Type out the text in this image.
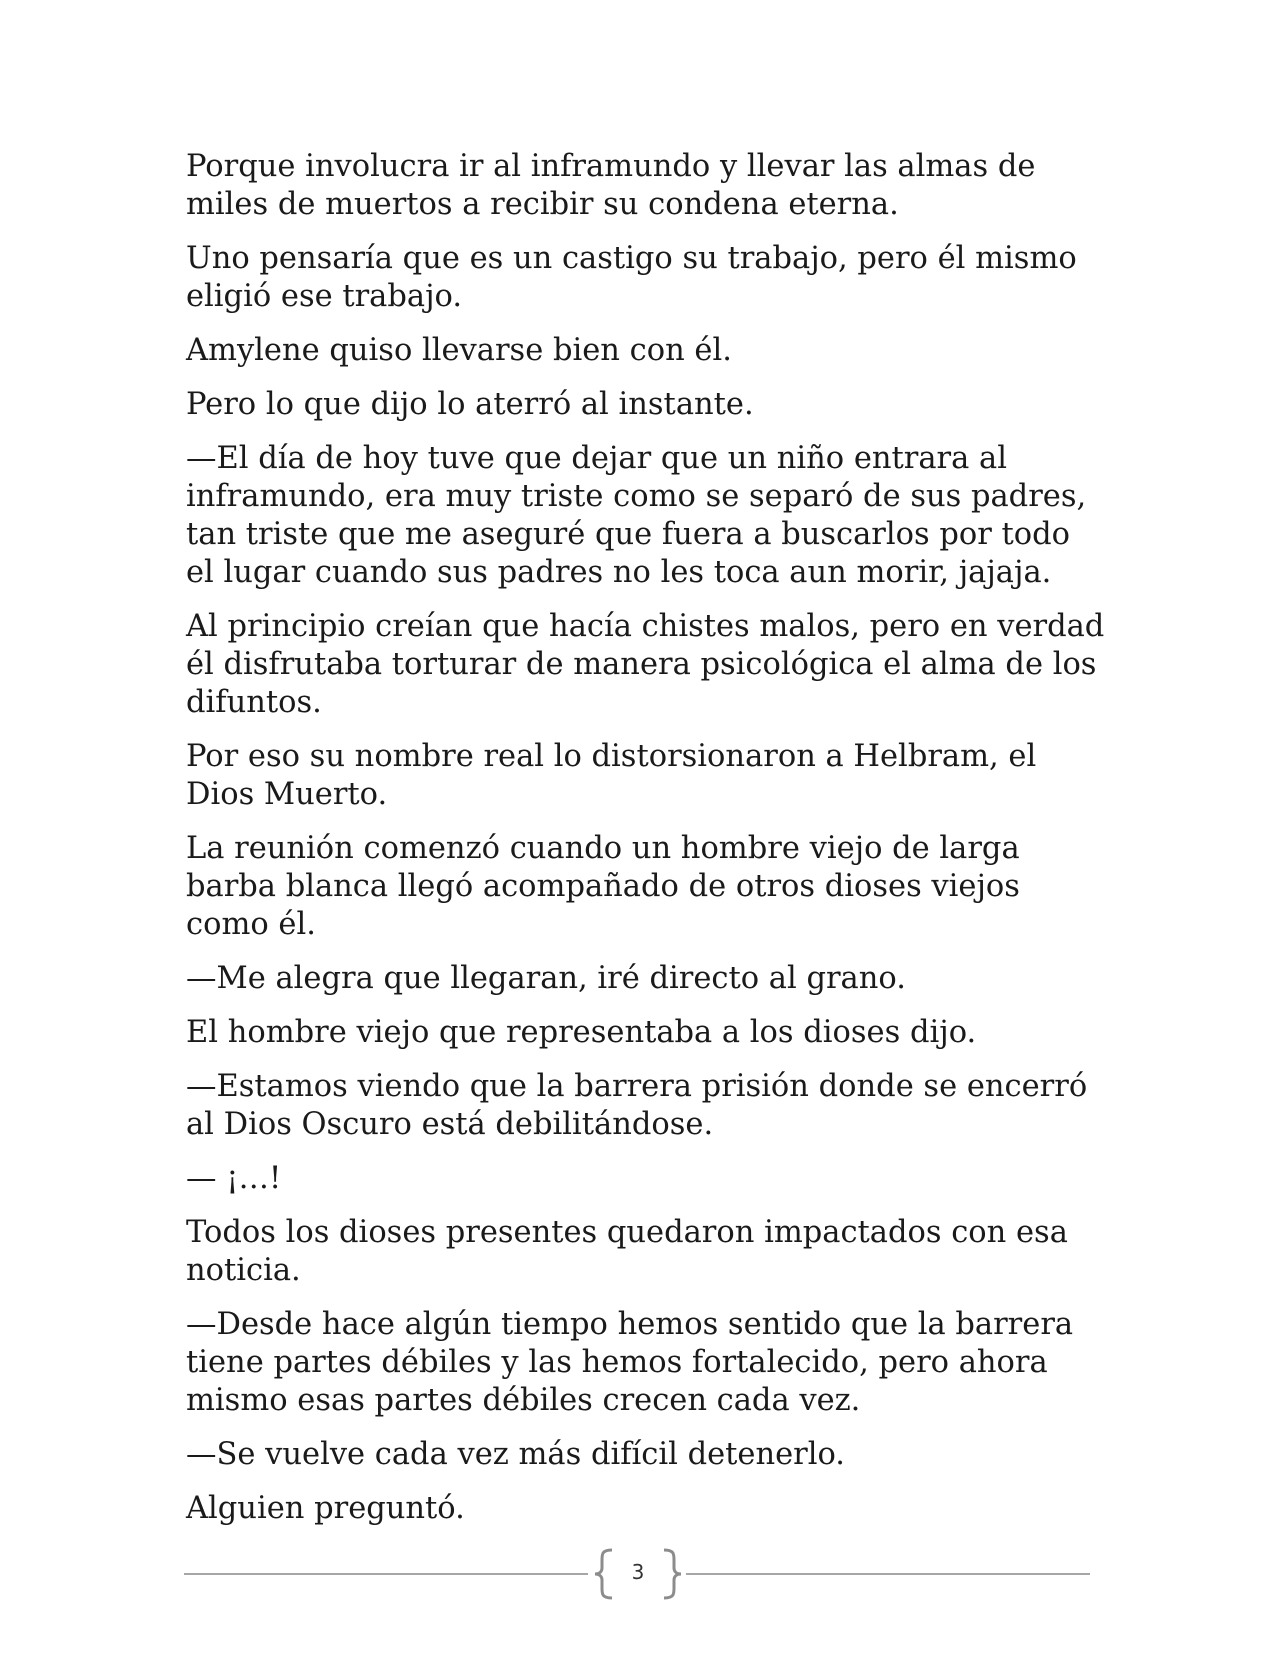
Porque involucra ir al inframundo y llevar las almas de miles de muertos a recibir su condena eterna.

Uno pensaría que es un castigo su trabajo, pero él mismo eligió ese trabajo.

Amylene quiso llevarse bien con él.

Pero lo que dijo lo aterró al instante.

—El día de hoy tuve que dejar que un niño entrara al inframundo, era muy triste como se separó de sus padres, tan triste que me aseguré que fuera a buscarlos por todo el lugar cuando sus padres no les toca aun morir, jajaja.

Al principio creían que hacía chistes malos, pero en verdad él disfrutaba torturar de manera psicológica el alma de los difuntos.

Por eso su nombre real lo distorsionaron a Helbram, el Dios Muerto.

La reunión comenzó cuando un hombre viejo de larga barba blanca llegó acompañado de otros dioses viejos como él.

—Me alegra que llegaran, iré directo al grano.

El hombre viejo que representaba a los dioses dijo.

—Estamos viendo que la barrera prisión donde se encerró al Dios Oscuro está debilitándose.

— ¡…!

Todos los dioses presentes quedaron impactados con esa noticia.

—Desde hace algún tiempo hemos sentido que la barrera tiene partes débiles y las hemos fortalecido, pero ahora mismo esas partes débiles crecen cada vez.

—Se vuelve cada vez más difícil detenerlo.

Alguien preguntó.

3
